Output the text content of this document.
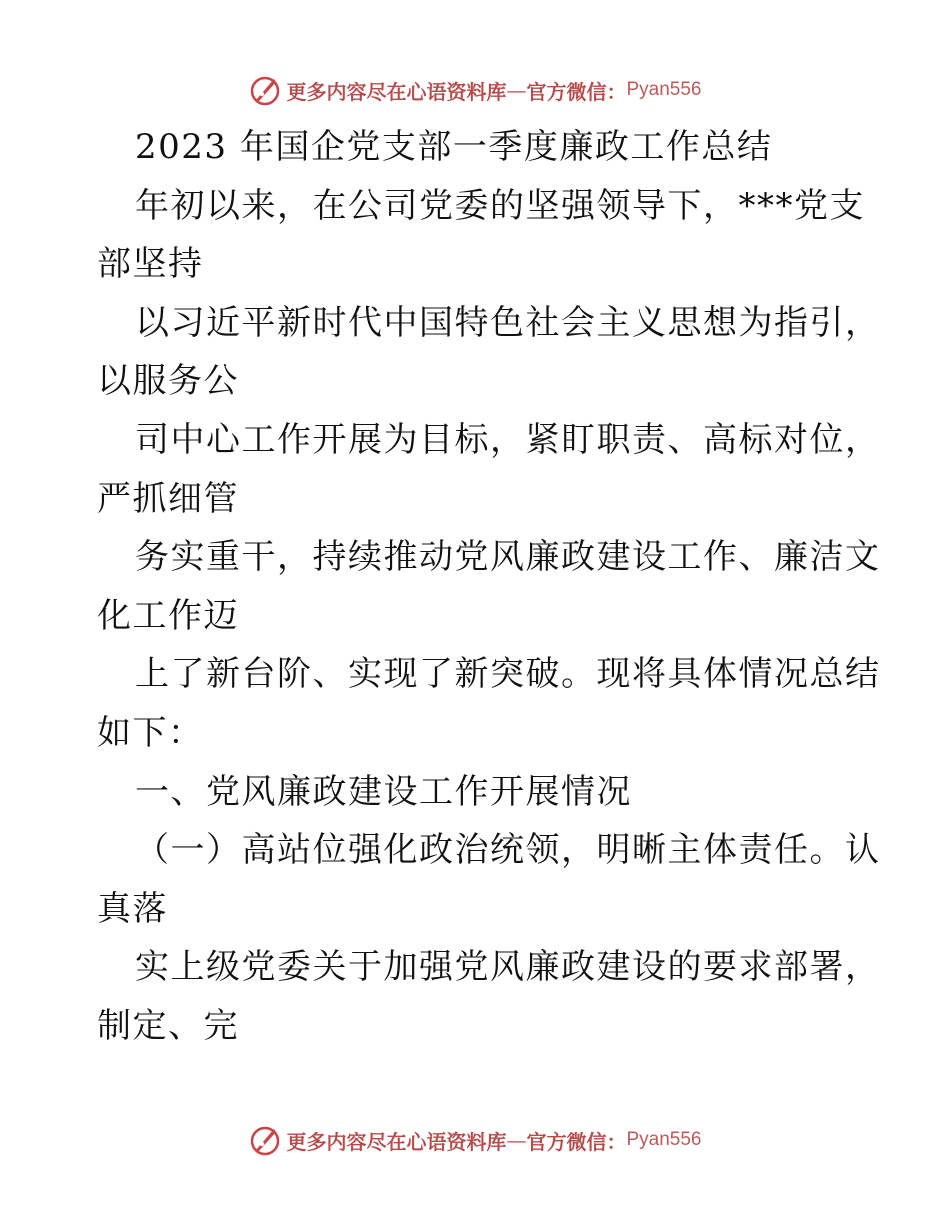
更多内容尽在心语资料库 — 官方微信： Pyan556
2023 年国企党支部一季度廉政工作总结
年初以来，在公司党委的坚强领导下，***党支
部坚持
以习近平新时代中国特色社会主义思想为指引，
以服务公
司中心工作开展为目标，紧盯职责、高标对位，
严抓细管
务实重干，持续推动党风廉政建设工作、廉洁文
化工作迈
上了新台阶、实现了新突破。现将具体情况总结
如下：
一、党风廉政建设工作开展情况
（一）高站位强化政治统领，明晰主体责任。认
真落
实上级党委关于加强党风廉政建设的要求部署，
制定、完
更多内容尽在心语资料库 — 官方微信： Pyan556
